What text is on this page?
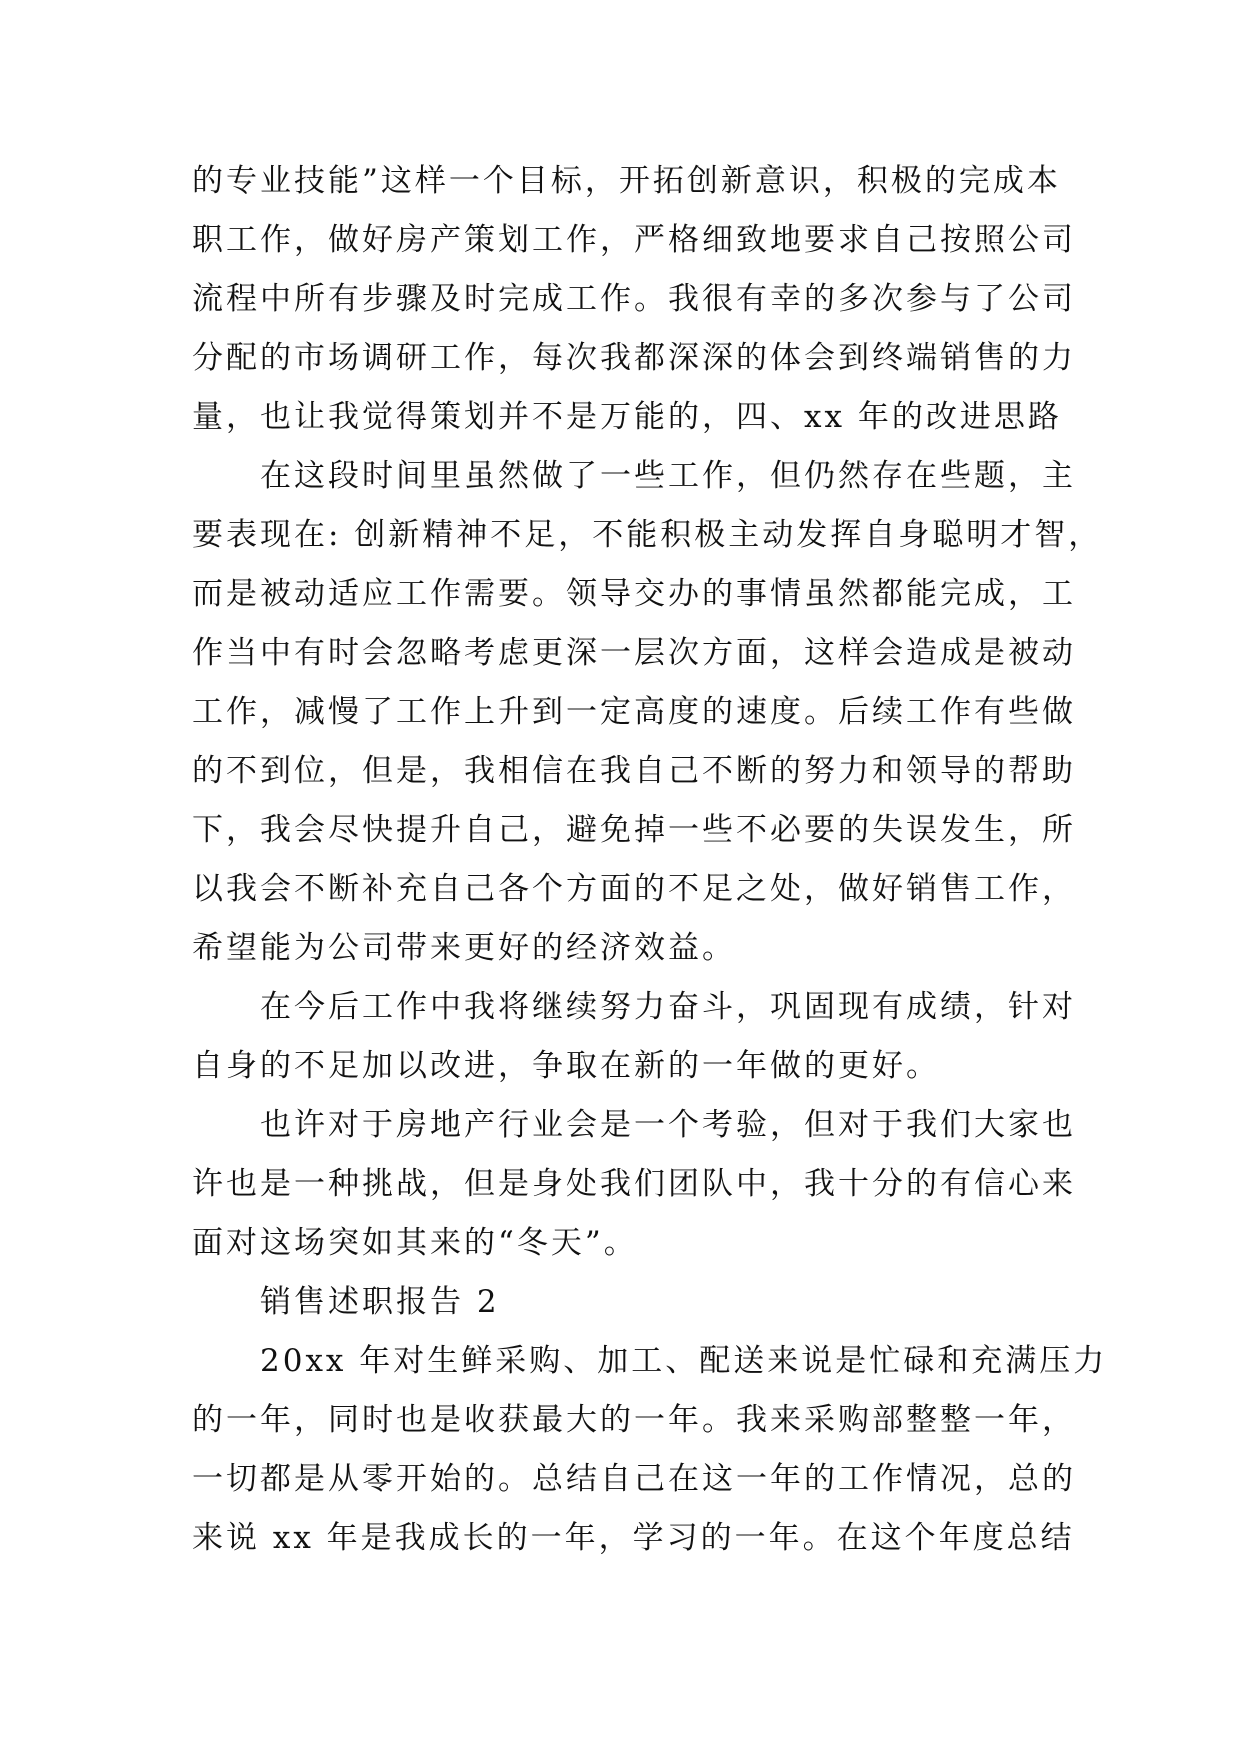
的专业技能”这样一个目标，开拓创新意识，积极的完成本
职工作，做好房产策划工作，严格细致地要求自己按照公司
流程中所有步骤及时完成工作。我很有幸的多次参与了公司
分配的市场调研工作，每次我都深深的体会到终端销售的力
量，也让我觉得策划并不是万能的，四、xx 年的改进思路
　　在这段时间里虽然做了一些工作，但仍然存在些题，主
要表现在: 创新精神不足，不能积极主动发挥自身聪明才智，
而是被动适应工作需要。领导交办的事情虽然都能完成，工
作当中有时会忽略考虑更深一层次方面，这样会造成是被动
工作，减慢了工作上升到一定高度的速度。后续工作有些做
的不到位，但是，我相信在我自己不断的努力和领导的帮助
下，我会尽快提升自己，避免掉一些不必要的失误发生，所
以我会不断补充自己各个方面的不足之处，做好销售工作，
希望能为公司带来更好的经济效益。
　　在今后工作中我将继续努力奋斗，巩固现有成绩，针对
自身的不足加以改进，争取在新的一年做的更好。
　　也许对于房地产行业会是一个考验，但对于我们大家也
许也是一种挑战，但是身处我们团队中，我十分的有信心来
面对这场突如其来的“冬天”。
　　销售述职报告 2
　　20xx 年对生鲜采购、加工、配送来说是忙碌和充满压力
的一年，同时也是收获最大的一年。我来采购部整整一年，
一切都是从零开始的。总结自己在这一年的工作情况，总的
来说 xx 年是我成长的一年，学习的一年。在这个年度总结
